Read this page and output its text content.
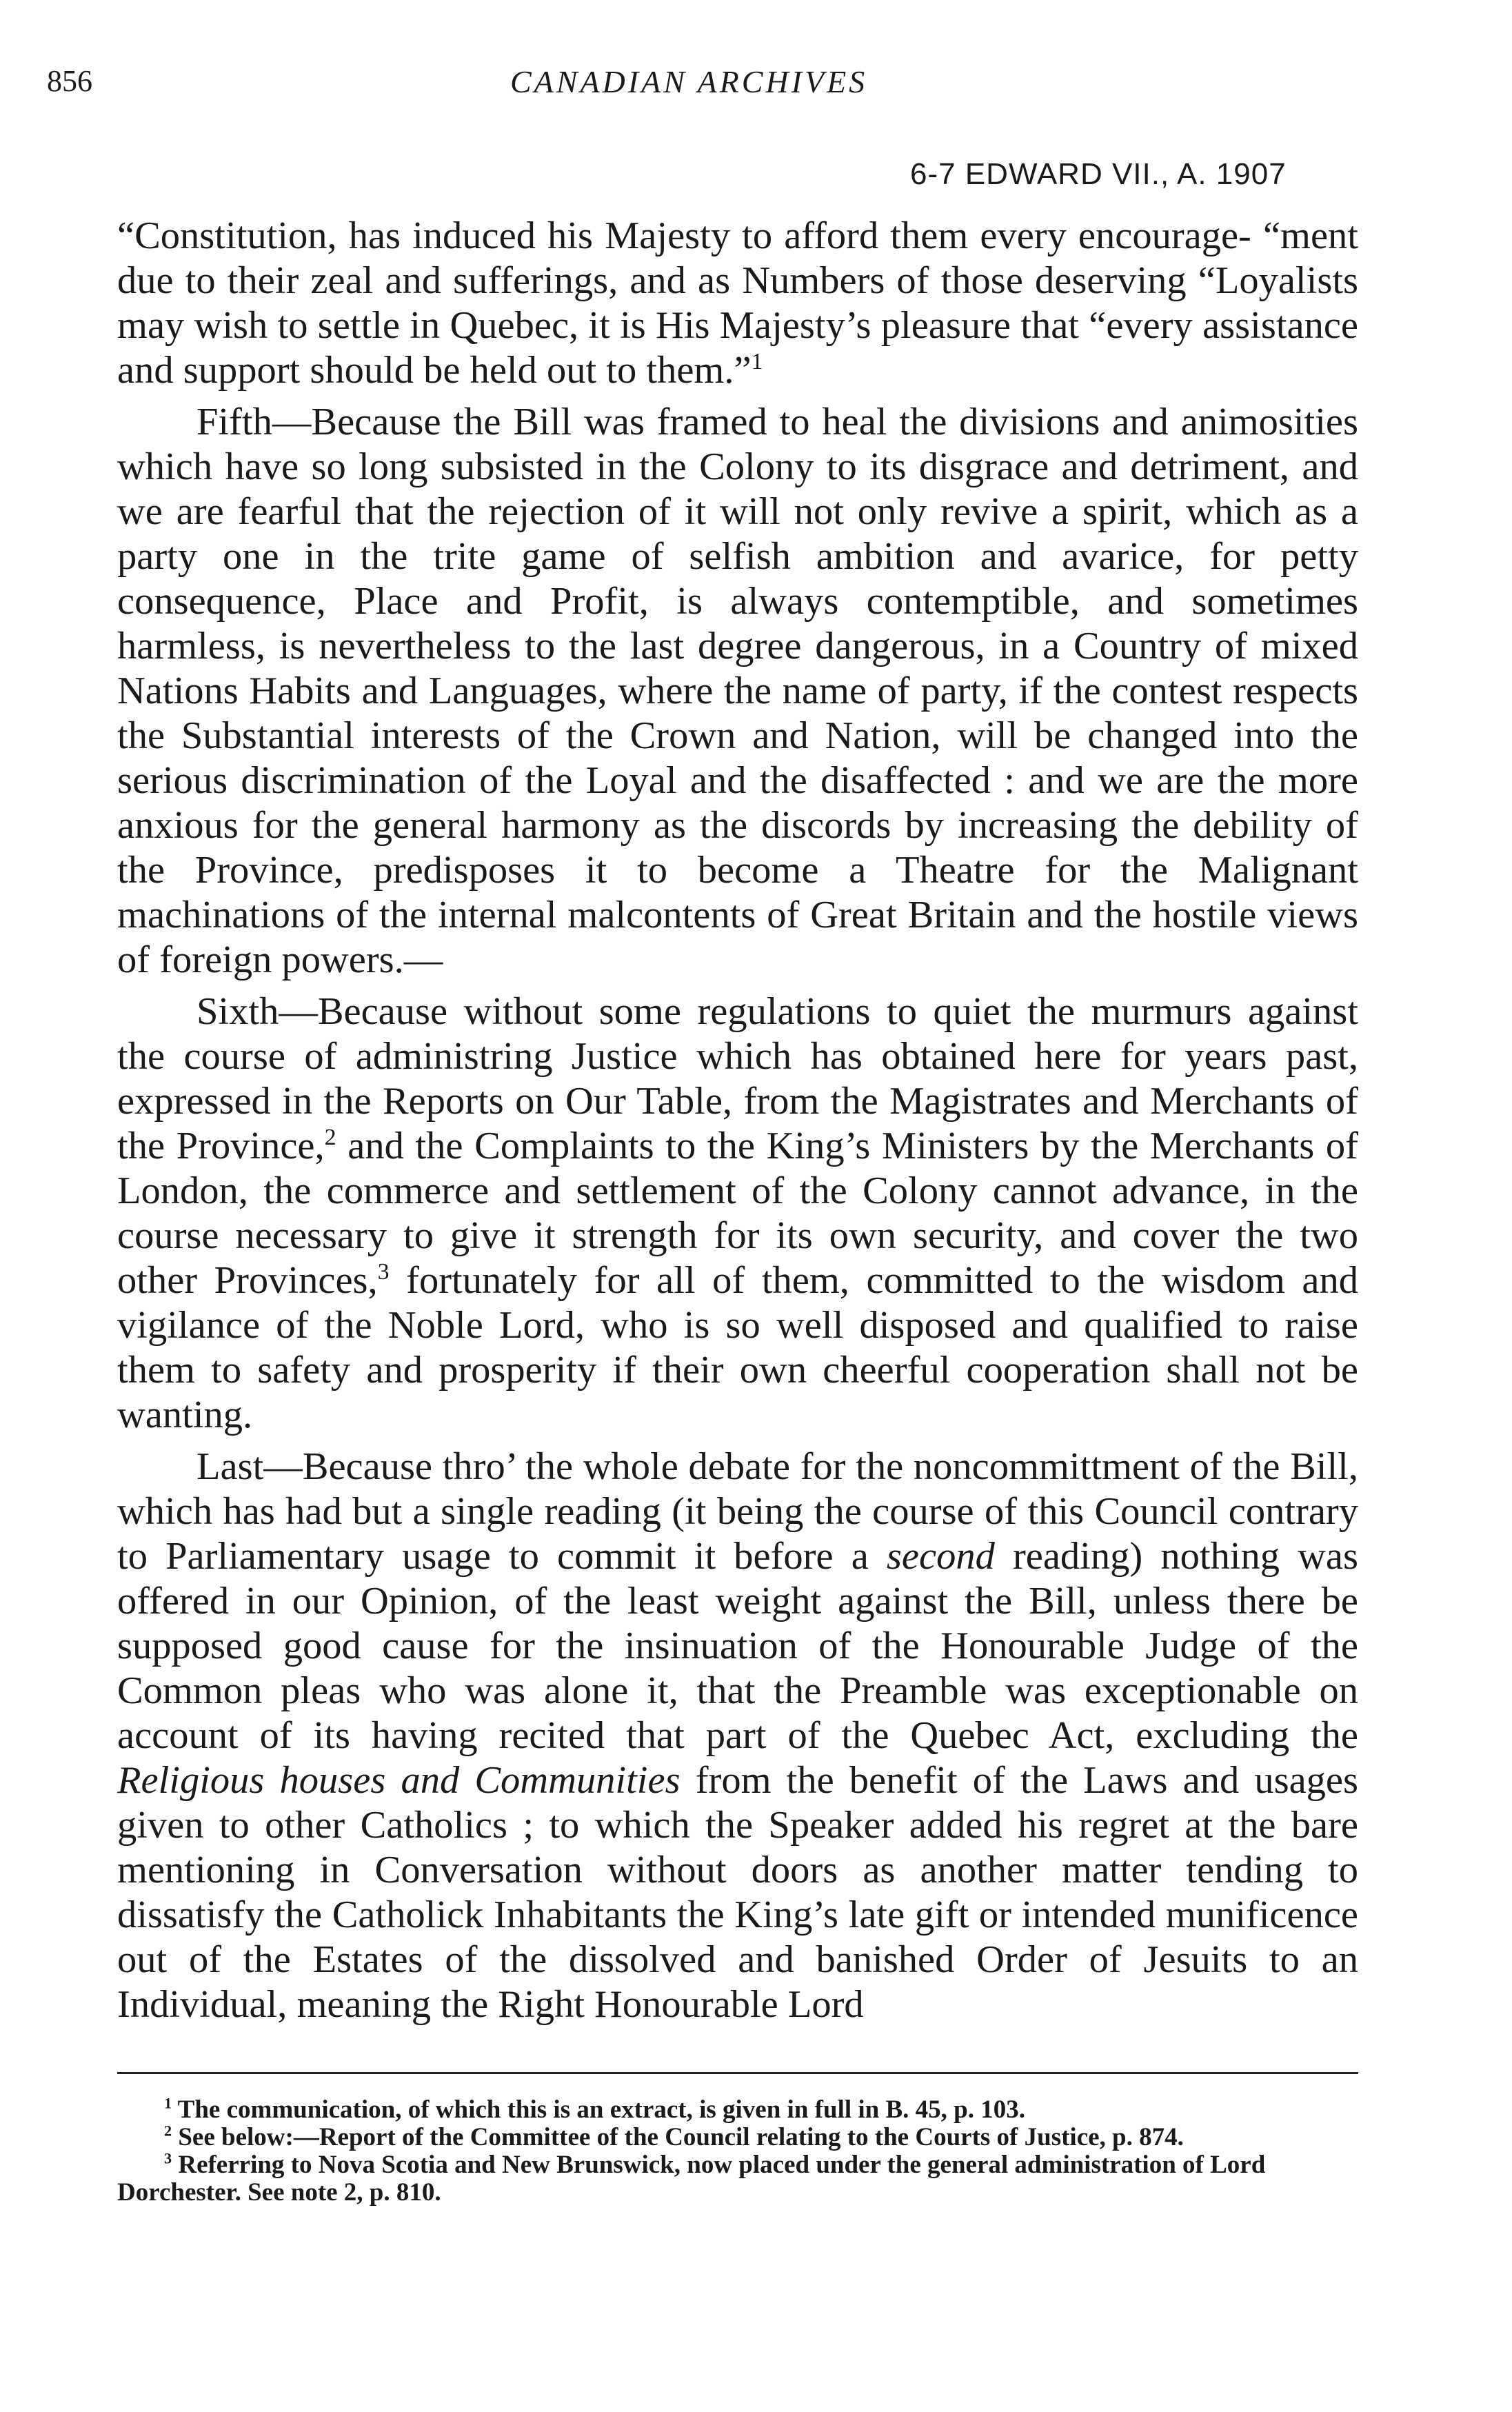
856	CANADIAN ARCHIVES
6-7 EDWARD VII., A. 1907

“Constitution, has induced his Majesty to afford them every encourage- “ment due to their zeal and sufferings, and as Numbers of those deserving “Loyalists may wish to settle in Quebec, it is His Majesty’s pleasure that “every assistance and support should be held out to them.”$^1$

Fifth—Because the Bill was framed to heal the divisions and animosities which have so long subsisted in the Colony to its disgrace and detriment, and we are fearful that the rejection of it will not only revive a spirit, which as a party one in the trite game of selfish ambition and avarice, for petty consequence, Place and Profit, is always contemptible, and sometimes harmless, is nevertheless to the last degree dangerous, in a Country of mixed Nations Habits and Languages, where the name of party, if the contest respects the Substantial interests of the Crown and Nation, will be changed into the serious discrimination of the Loyal and the disaffected : and we are the more anxious for the general harmony as the discords by increasing the debility of the Province, predisposes it to become a Theatre for the Malignant machinations of the internal malcontents of Great Britain and the hostile views of foreign powers.—

Sixth—Because without some regulations to quiet the murmurs against the course of administring Justice which has obtained here for years past, expressed in the Reports on Our Table, from the Magistrates and Merchants of the Province,$^2$ and the Complaints to the King’s Ministers by the Merchants of London, the commerce and settlement of the Colony cannot advance, in the course necessary to give it strength for its own security, and cover the two other Provinces,$^3$ fortunately for all of them, committed to the wisdom and vigilance of the Noble Lord, who is so well disposed and qualified to raise them to safety and prosperity if their own cheerful cooperation shall not be wanting.

Last—Because thro’ the whole debate for the noncommittment of the Bill, which has had but a single reading (it being the course of this Council contrary to Parliamentary usage to commit it before a second reading) nothing was offered in our Opinion, of the least weight against the Bill, unless there be supposed good cause for the insinuation of the Honourable Judge of the Common pleas who was alone it, that the Preamble was exceptionable on account of its having recited that part of the Quebec Act, excluding the Religious houses and Communities from the benefit of the Laws and usages given to other Catholics ; to which the Speaker added his regret at the bare mentioning in Conversation without doors as another matter tending to dissatisfy the Catholick Inhabitants the King’s late gift or intended munificence out of the Estates of the dissolved and banished Order of Jesuits to an Individual, meaning the Right Honourable Lord

$^1$ The communication, of which this is an extract, is given in full in B. 45, p. 103.

$^2$ See below:—Report of the Committee of the Council relating to the Courts of Justice, p. 874.

$^3$ Referring to Nova Scotia and New Brunswick, now placed under the general administration of Lord Dorchester. See note 2, p. 810.
